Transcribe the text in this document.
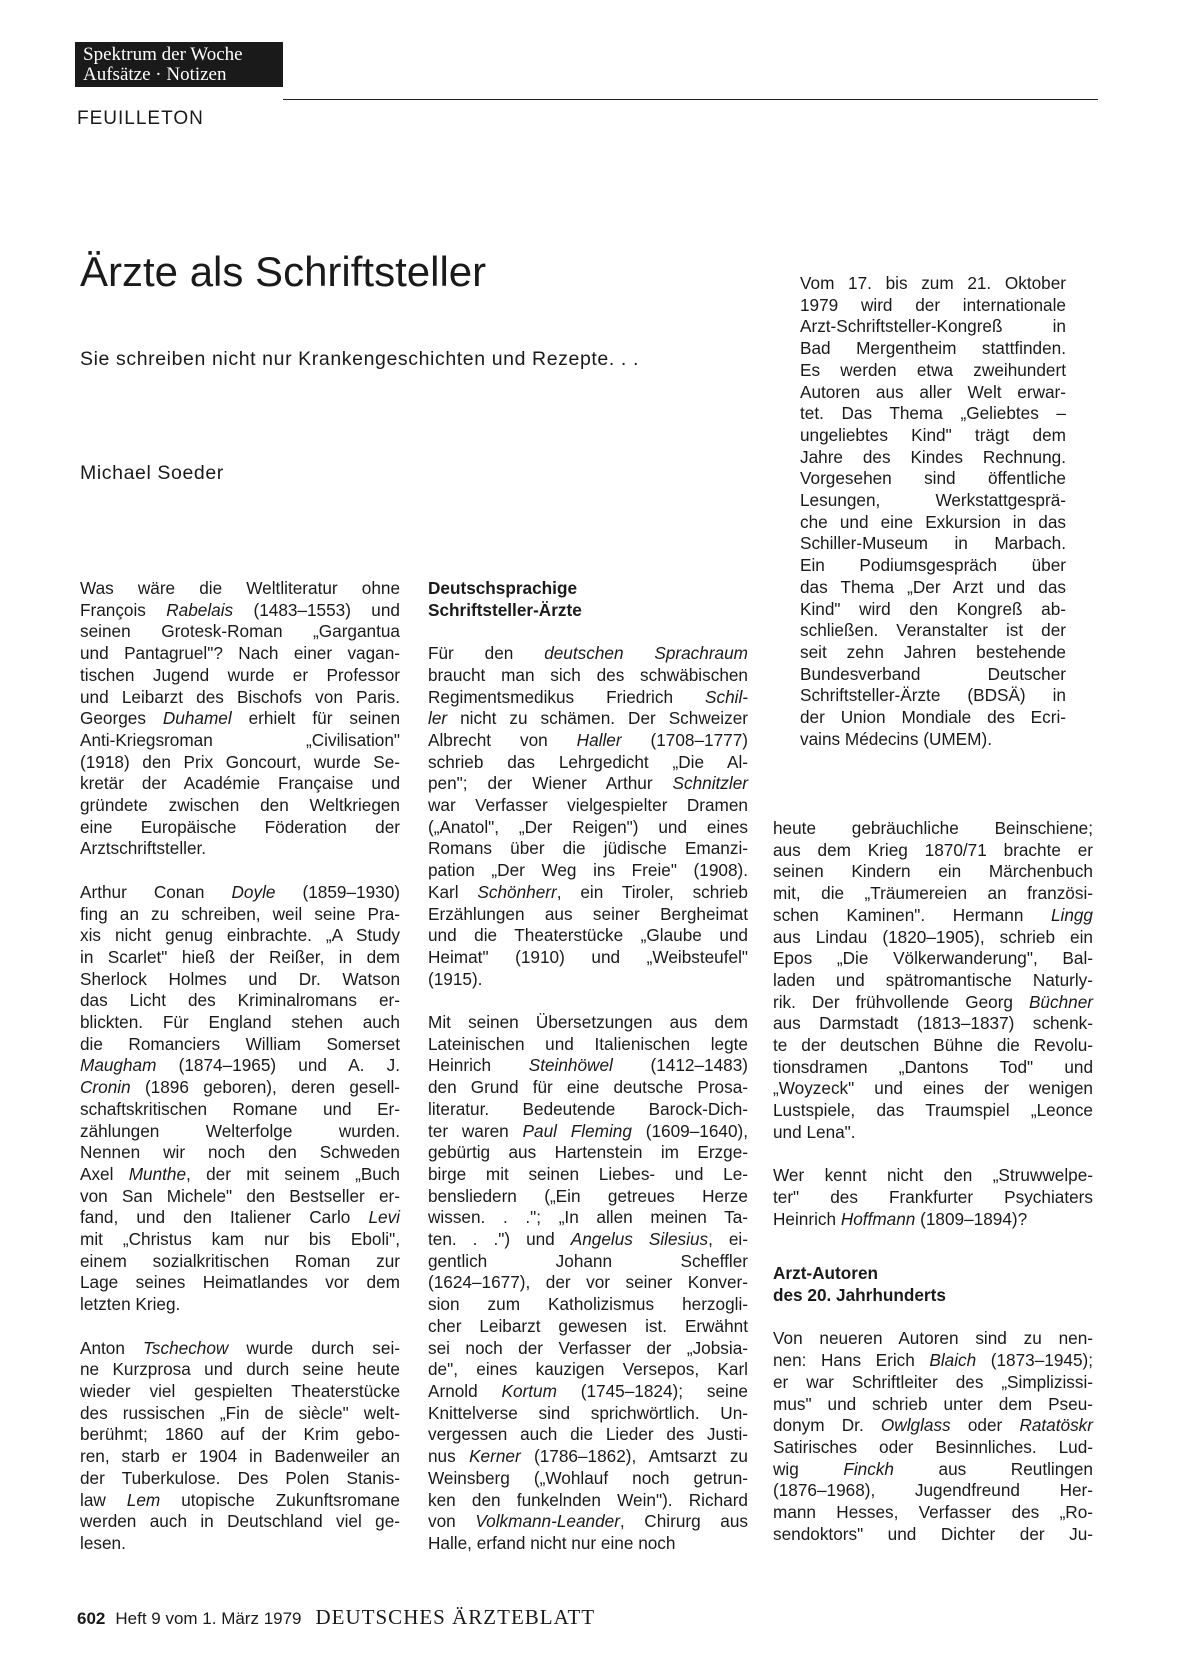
Spektrum der Woche
Aufsätze · Notizen
FEUILLETON
Ärzte als Schriftsteller
Sie schreiben nicht nur Krankengeschichten und Rezepte. . .
Michael Soeder

Was wäre die Weltliteratur ohne
François Rabelais (1483–1553) und
seinen Grotesk-Roman „Gargantua
und Pantagruel"? Nach einer vagan-
tischen Jugend wurde er Professor
und Leibarzt des Bischofs von Paris.
Georges Duhamel erhielt für seinen
Anti-Kriegsroman „Civilisation"
(1918) den Prix Goncourt, wurde Se-
kretär der Académie Française und
gründete zwischen den Weltkriegen
eine Europäische Föderation der
Arztschriftsteller.

Arthur Conan Doyle (1859–1930)
fing an zu schreiben, weil seine Pra-
xis nicht genug einbrachte. „A Study
in Scarlet" hieß der Reißer, in dem
Sherlock Holmes und Dr. Watson
das Licht des Kriminalromans er-
blickten. Für England stehen auch
die Romanciers William Somerset
Maugham (1874–1965) und A. J.
Cronin (1896 geboren), deren gesell-
schaftskritischen Romane und Er-
zählungen Welterfolge wurden.
Nennen wir noch den Schweden
Axel Munthe, der mit seinem „Buch
von San Michele" den Bestseller er-
fand, und den Italiener Carlo Levi
mit „Christus kam nur bis Eboli",
einem sozialkritischen Roman zur
Lage seines Heimatlandes vor dem
letzten Krieg.

Anton Tschechow wurde durch sei-
ne Kurzprosa und durch seine heute
wieder viel gespielten Theaterstücke
des russischen „Fin de siècle" welt-
berühmt; 1860 auf der Krim gebo-
ren, starb er 1904 in Badenweiler an
der Tuberkulose. Des Polen Stanis-
law Lem utopische Zukunftsromane
werden auch in Deutschland viel ge-
lesen.

Deutschsprachige
Schriftsteller-Ärzte

Für den deutschen Sprachraum
braucht man sich des schwäbischen
Regimentsmedikus Friedrich Schil-
ler nicht zu schämen. Der Schweizer
Albrecht von Haller (1708–1777)
schrieb das Lehrgedicht „Die Al-
pen"; der Wiener Arthur Schnitzler
war Verfasser vielgespielter Dramen
(„Anatol", „Der Reigen") und eines
Romans über die jüdische Emanzi-
pation „Der Weg ins Freie" (1908).
Karl Schönherr, ein Tiroler, schrieb
Erzählungen aus seiner Bergheimat
und die Theaterstücke „Glaube und
Heimat" (1910) und „Weibsteufel"
(1915).

Mit seinen Übersetzungen aus dem
Lateinischen und Italienischen legte
Heinrich Steinhöwel (1412–1483)
den Grund für eine deutsche Prosa-
literatur. Bedeutende Barock-Dich-
ter waren Paul Fleming (1609–1640),
gebürtig aus Hartenstein im Erzge-
birge mit seinen Liebes- und Le-
bensliedern („Ein getreues Herze
wissen. . ."; „In allen meinen Ta-
ten. . .") und Angelus Silesius, ei-
gentlich Johann Scheffler
(1624–1677), der vor seiner Konver-
sion zum Katholizismus herzogli-
cher Leibarzt gewesen ist. Erwähnt
sei noch der Verfasser der „Jobsia-
de", eines kauzigen Versepos, Karl
Arnold Kortum (1745–1824); seine
Knittelverse sind sprichwörtlich. Un-
vergessen auch die Lieder des Justi-
nus Kerner (1786–1862), Amtsarzt zu
Weinsberg („Wohlauf noch getrun-
ken den funkelnden Wein"). Richard
von Volkmann-Leander, Chirurg aus
Halle, erfand nicht nur eine noch

Vom 17. bis zum 21. Oktober
1979 wird der internationale
Arzt-Schriftsteller-Kongreß in
Bad Mergentheim stattfinden.
Es werden etwa zweihundert
Autoren aus aller Welt erwar-
tet. Das Thema „Geliebtes –
ungeliebtes Kind" trägt dem
Jahre des Kindes Rechnung.
Vorgesehen sind öffentliche
Lesungen, Werkstattgesprä-
che und eine Exkursion in das
Schiller-Museum in Marbach.
Ein Podiumsgespräch über
das Thema „Der Arzt und das
Kind" wird den Kongreß ab-
schließen. Veranstalter ist der
seit zehn Jahren bestehende
Bundesverband Deutscher
Schriftsteller-Ärzte (BDSÄ) in
der Union Mondiale des Ecri-
vains Médecins (UMEM).

heute gebräuchliche Beinschiene;
aus dem Krieg 1870/71 brachte er
seinen Kindern ein Märchenbuch
mit, die „Träumereien an französi-
schen Kaminen". Hermann Lingg
aus Lindau (1820–1905), schrieb ein
Epos „Die Völkerwanderung", Bal-
laden und spätromantische Naturly-
rik. Der frühvollende Georg Büchner
aus Darmstadt (1813–1837) schenk-
te der deutschen Bühne die Revolu-
tionsdramen „Dantons Tod" und
„Woyzeck" und eines der wenigen
Lustspiele, das Traumspiel „Leonce
und Lena".

Wer kennt nicht den „Struwwelpe-
ter" des Frankfurter Psychiaters
Heinrich Hoffmann (1809–1894)?

Arzt-Autoren
des 20. Jahrhunderts

Von neueren Autoren sind zu nen-
nen: Hans Erich Blaich (1873–1945);
er war Schriftleiter des „Simplizissi-
mus" und schrieb unter dem Pseu-
donym Dr. Owlglass oder Ratatöskr
Satirisches oder Besinnliches. Lud-
wig Finckh aus Reutlingen
(1876–1968), Jugendfreund Her-
mann Hesses, Verfasser des „Ro-
sendoktors" und Dichter der Ju-

602 Heft 9 vom 1. März 1979 DEUTSCHES ÄRZTEBLATT
